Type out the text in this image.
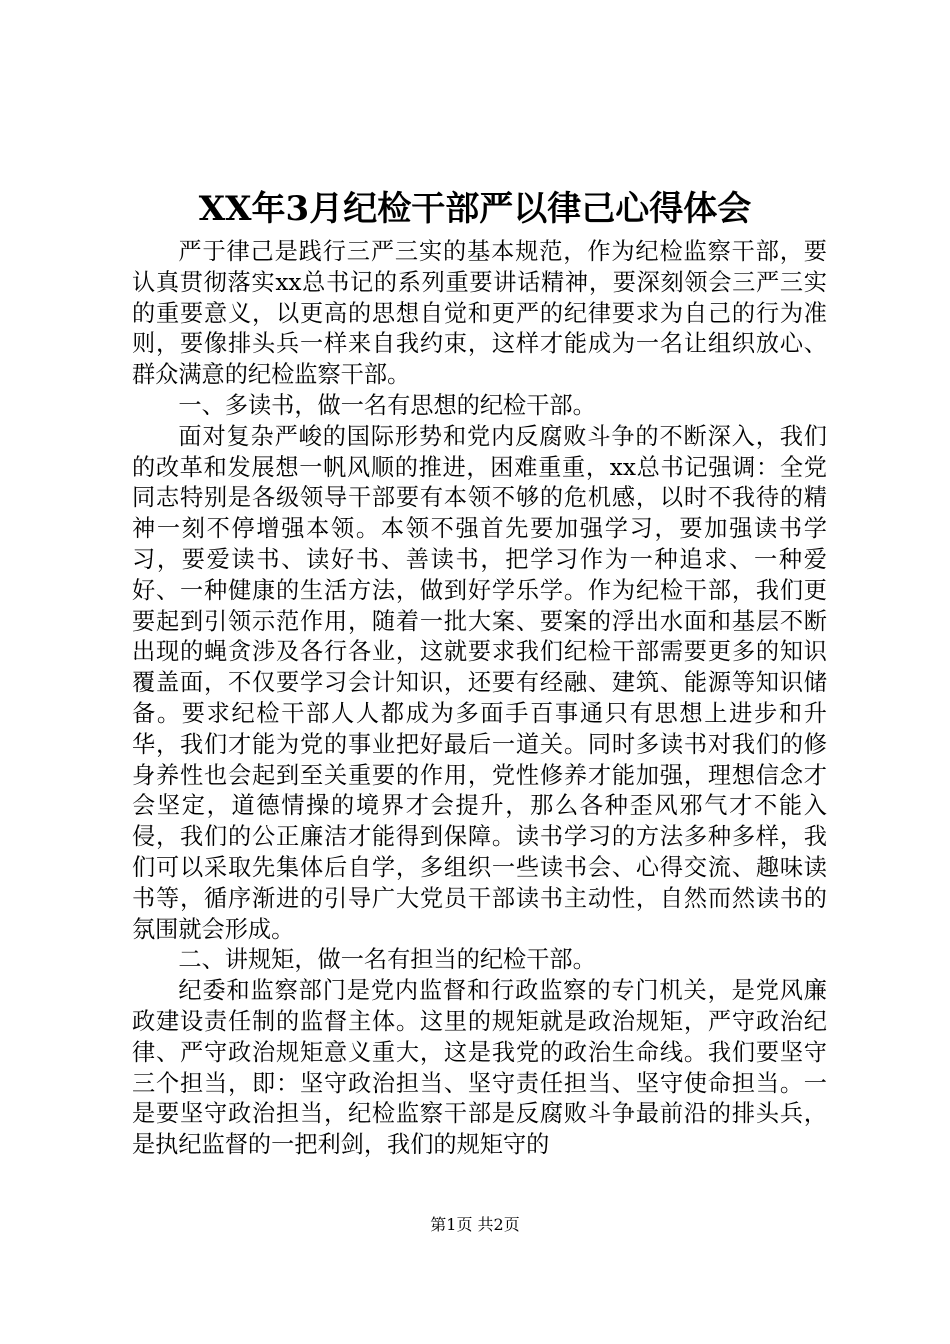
XX年3月纪检干部严以律己心得体会

严于律己是践行三严三实的基本规范，作为纪检监察干部，要认真贯彻落实xx总书记的系列重要讲话精神，要深刻领会三严三实的重要意义，以更高的思想自觉和更严的纪律要求为自己的行为准则，要像排头兵一样来自我约束，这样才能成为一名让组织放心、群众满意的纪检监察干部。

一、多读书，做一名有思想的纪检干部。

面对复杂严峻的国际形势和党内反腐败斗争的不断深入，我们的改革和发展想一帆风顺的推进，困难重重，xx总书记强调：全党同志特别是各级领导干部要有本领不够的危机感，以时不我待的精神一刻不停增强本领。本领不强首先要加强学习，要加强读书学习，要爱读书、读好书、善读书，把学习作为一种追求、一种爱好、一种健康的生活方法，做到好学乐学。作为纪检干部，我们更要起到引领示范作用，随着一批大案、要案的浮出水面和基层不断出现的蝇贪涉及各行各业，这就要求我们纪检干部需要更多的知识覆盖面，不仅要学习会计知识，还要有经融、建筑、能源等知识储备。要求纪检干部人人都成为多面手百事通只有思想上进步和升华，我们才能为党的事业把好最后一道关。同时多读书对我们的修身养性也会起到至关重要的作用，党性修养才能加强，理想信念才会坚定，道德情操的境界才会提升，那么各种歪风邪气才不能入侵，我们的公正廉洁才能得到保障。读书学习的方法多种多样，我们可以采取先集体后自学，多组织一些读书会、心得交流、趣味读书等，循序渐进的引导广大党员干部读书主动性，自然而然读书的氛围就会形成。

二、讲规矩，做一名有担当的纪检干部。

纪委和监察部门是党内监督和行政监察的专门机关，是党风廉政建设责任制的监督主体。这里的规矩就是政治规矩，严守政治纪律、严守政治规矩意义重大，这是我党的政治生命线。我们要坚守三个担当，即：坚守政治担当、坚守责任担当、坚守使命担当。一是要坚守政治担当，纪检监察干部是反腐败斗争最前沿的排头兵，是执纪监督的一把利剑，我们的规矩守的

第1页 共2页
